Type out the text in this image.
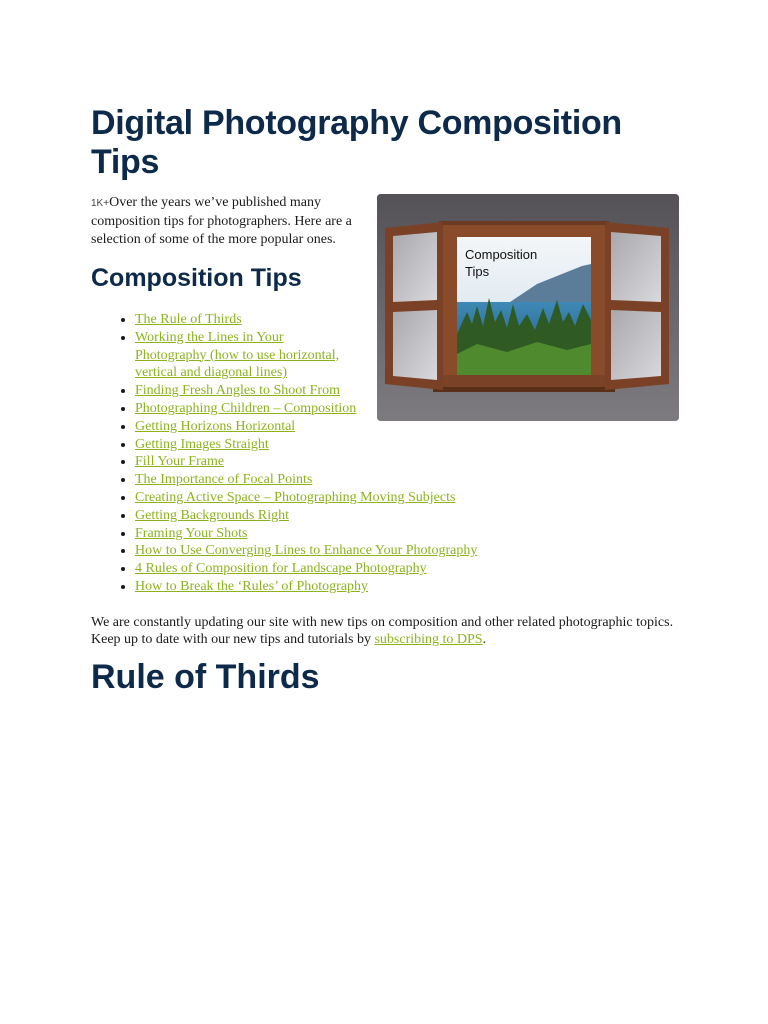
Digital Photography Composition Tips
Composition
Tips

1K+Over the years we’ve published many composition tips for photographers. Here are a selection of some of the more popular ones.

Composition Tips
• The Rule of Thirds
• Working the Lines in Your Photography (how to use horizontal, vertical and diagonal lines)
• Finding Fresh Angles to Shoot From
• Photographing Children – Composition
• Getting Horizons Horizontal
• Getting Images Straight
• Fill Your Frame
• The Importance of Focal Points
• Creating Active Space – Photographing Moving Subjects
• Getting Backgrounds Right
• Framing Your Shots
• How to Use Converging Lines to Enhance Your Photography
• 4 Rules of Composition for Landscape Photography
• How to Break the ‘Rules’ of Photography

We are constantly updating our site with new tips on composition and other related photographic topics. Keep up to date with our new tips and tutorials by subscribing to DPS.

Rule of Thirds
